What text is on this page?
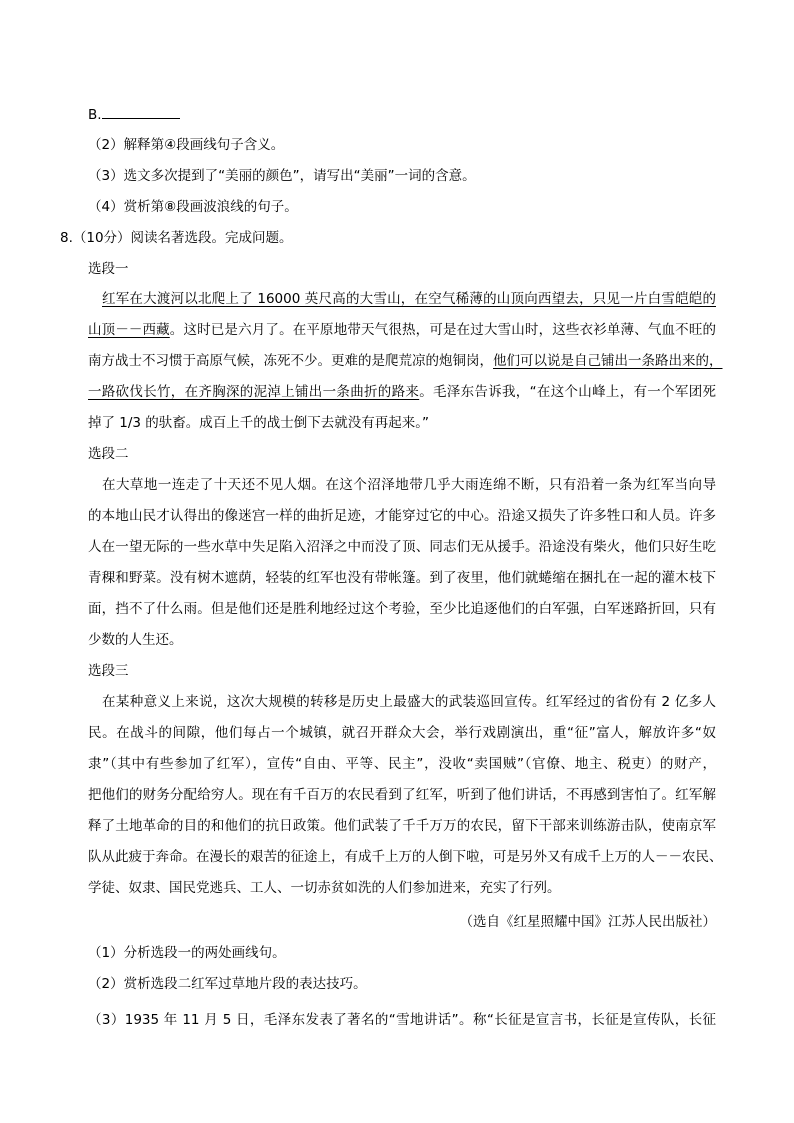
B.
（2）解释第④段画线句子含义。
（3）选文多次提到了“美丽的颜色”，请写出“美丽”一词的含意。
（4）赏析第⑧段画波浪线的句子。
8.（10分）阅读名著选段。完成问题。
选段一
红军在大渡河以北爬上了 16000 英尺高的大雪山，在空气稀薄的山顶向西望去，只见一片白雪皑皑的
山顶－－西藏。这时已是六月了。在平原地带天气很热，可是在过大雪山时，这些衣衫单薄、气血不旺的
南方战士不习惯于高原气候，冻死不少。更难的是爬荒凉的炮铜岗，他们可以说是自己铺出一条路出来的，
一路砍伐长竹，在齐胸深的泥淖上铺出一条曲折的路来。毛泽东告诉我，“在这个山峰上，有一个军团死
掉了 1/3 的驮畜。成百上千的战士倒下去就没有再起来。”
选段二
在大草地一连走了十天还不见人烟。在这个沼泽地带几乎大雨连绵不断，只有沿着一条为红军当向导
的本地山民才认得出的像迷宫一样的曲折足迹，才能穿过它的中心。沿途又损失了许多牲口和人员。许多
人在一望无际的一些水草中失足陷入沼泽之中而没了顶、同志们无从援手。沿途没有柴火，他们只好生吃
青稞和野菜。没有树木遮荫，轻装的红军也没有带帐篷。到了夜里，他们就蜷缩在捆扎在一起的灌木枝下
面，挡不了什么雨。但是他们还是胜利地经过这个考验，至少比追逐他们的白军强，白军迷路折回，只有
少数的人生还。
选段三
在某种意义上来说，这次大规模的转移是历史上最盛大的武装巡回宣传。红军经过的省份有 2 亿多人
民。在战斗的间隙，他们每占一个城镇，就召开群众大会，举行戏剧演出，重“征”富人，解放许多“奴
隶”（其中有些参加了红军），宣传“自由、平等、民主”，没收“卖国贼”（官僚、地主、税吏）的财产，
把他们的财务分配给穷人。现在有千百万的农民看到了红军，听到了他们讲话，不再感到害怕了。红军解
释了土地革命的目的和他们的抗日政策。他们武装了千千万万的农民，留下干部来训练游击队，使南京军
队从此疲于奔命。在漫长的艰苦的征途上，有成千上万的人倒下啦，可是另外又有成千上万的人－－农民、
学徒、奴隶、国民党逃兵、工人、一切赤贫如洗的人们参加进来，充实了行列。
（选自《红星照耀中国》江苏人民出版社）
（1）分析选段一的两处画线句。
（2）赏析选段二红军过草地片段的表达技巧。
（3）1935 年 11 月 5 日，毛泽东发表了著名的“雪地讲话”。称“长征是宣言书，长征是宣传队，长征
